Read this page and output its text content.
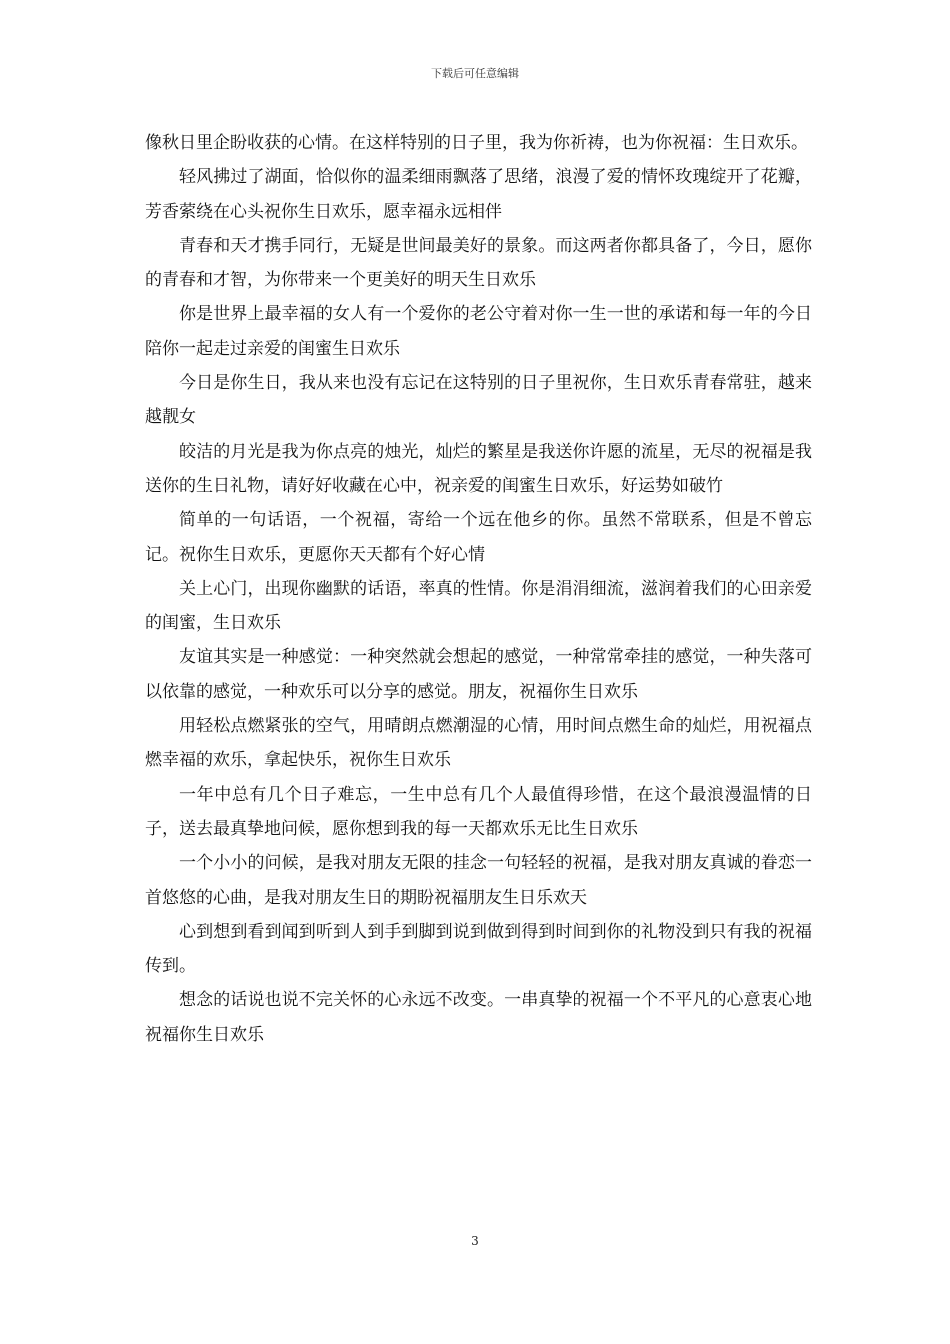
下载后可任意编辑

像秋日里企盼收获的心情。在这样特别的日子里，我为你祈祷，也为你祝福：生日欢乐。

轻风拂过了湖面，恰似你的温柔细雨飘落了思绪，浪漫了爱的情怀玫瑰绽开了花瓣，芳香萦绕在心头祝你生日欢乐，愿幸福永远相伴

青春和天才携手同行，无疑是世间最美好的景象。而这两者你都具备了，今日，愿你的青春和才智，为你带来一个更美好的明天生日欢乐

你是世界上最幸福的女人有一个爱你的老公守着对你一生一世的承诺和每一年的今日陪你一起走过亲爱的闺蜜生日欢乐

今日是你生日，我从来也没有忘记在这特别的日子里祝你，生日欢乐青春常驻，越来越靓女

皎洁的月光是我为你点亮的烛光，灿烂的繁星是我送你许愿的流星，无尽的祝福是我送你的生日礼物，请好好收藏在心中，祝亲爱的闺蜜生日欢乐，好运势如破竹

简单的一句话语，一个祝福，寄给一个远在他乡的你。虽然不常联系，但是不曾忘记。祝你生日欢乐，更愿你天天都有个好心情

关上心门，出现你幽默的话语，率真的性情。你是涓涓细流，滋润着我们的心田亲爱的闺蜜，生日欢乐

友谊其实是一种感觉：一种突然就会想起的感觉，一种常常牵挂的感觉，一种失落可以依靠的感觉，一种欢乐可以分享的感觉。朋友，祝福你生日欢乐

用轻松点燃紧张的空气，用晴朗点燃潮湿的心情，用时间点燃生命的灿烂，用祝福点燃幸福的欢乐，拿起快乐，祝你生日欢乐

一年中总有几个日子难忘，一生中总有几个人最值得珍惜，在这个最浪漫温情的日子，送去最真挚地问候，愿你想到我的每一天都欢乐无比生日欢乐

一个小小的问候，是我对朋友无限的挂念一句轻轻的祝福，是我对朋友真诚的眷恋一首悠悠的心曲，是我对朋友生日的期盼祝福朋友生日乐欢天

心到想到看到闻到听到人到手到脚到说到做到得到时间到你的礼物没到只有我的祝福传到。

想念的话说也说不完关怀的心永远不改变。一串真挚的祝福一个不平凡的心意衷心地祝福你生日欢乐

3
